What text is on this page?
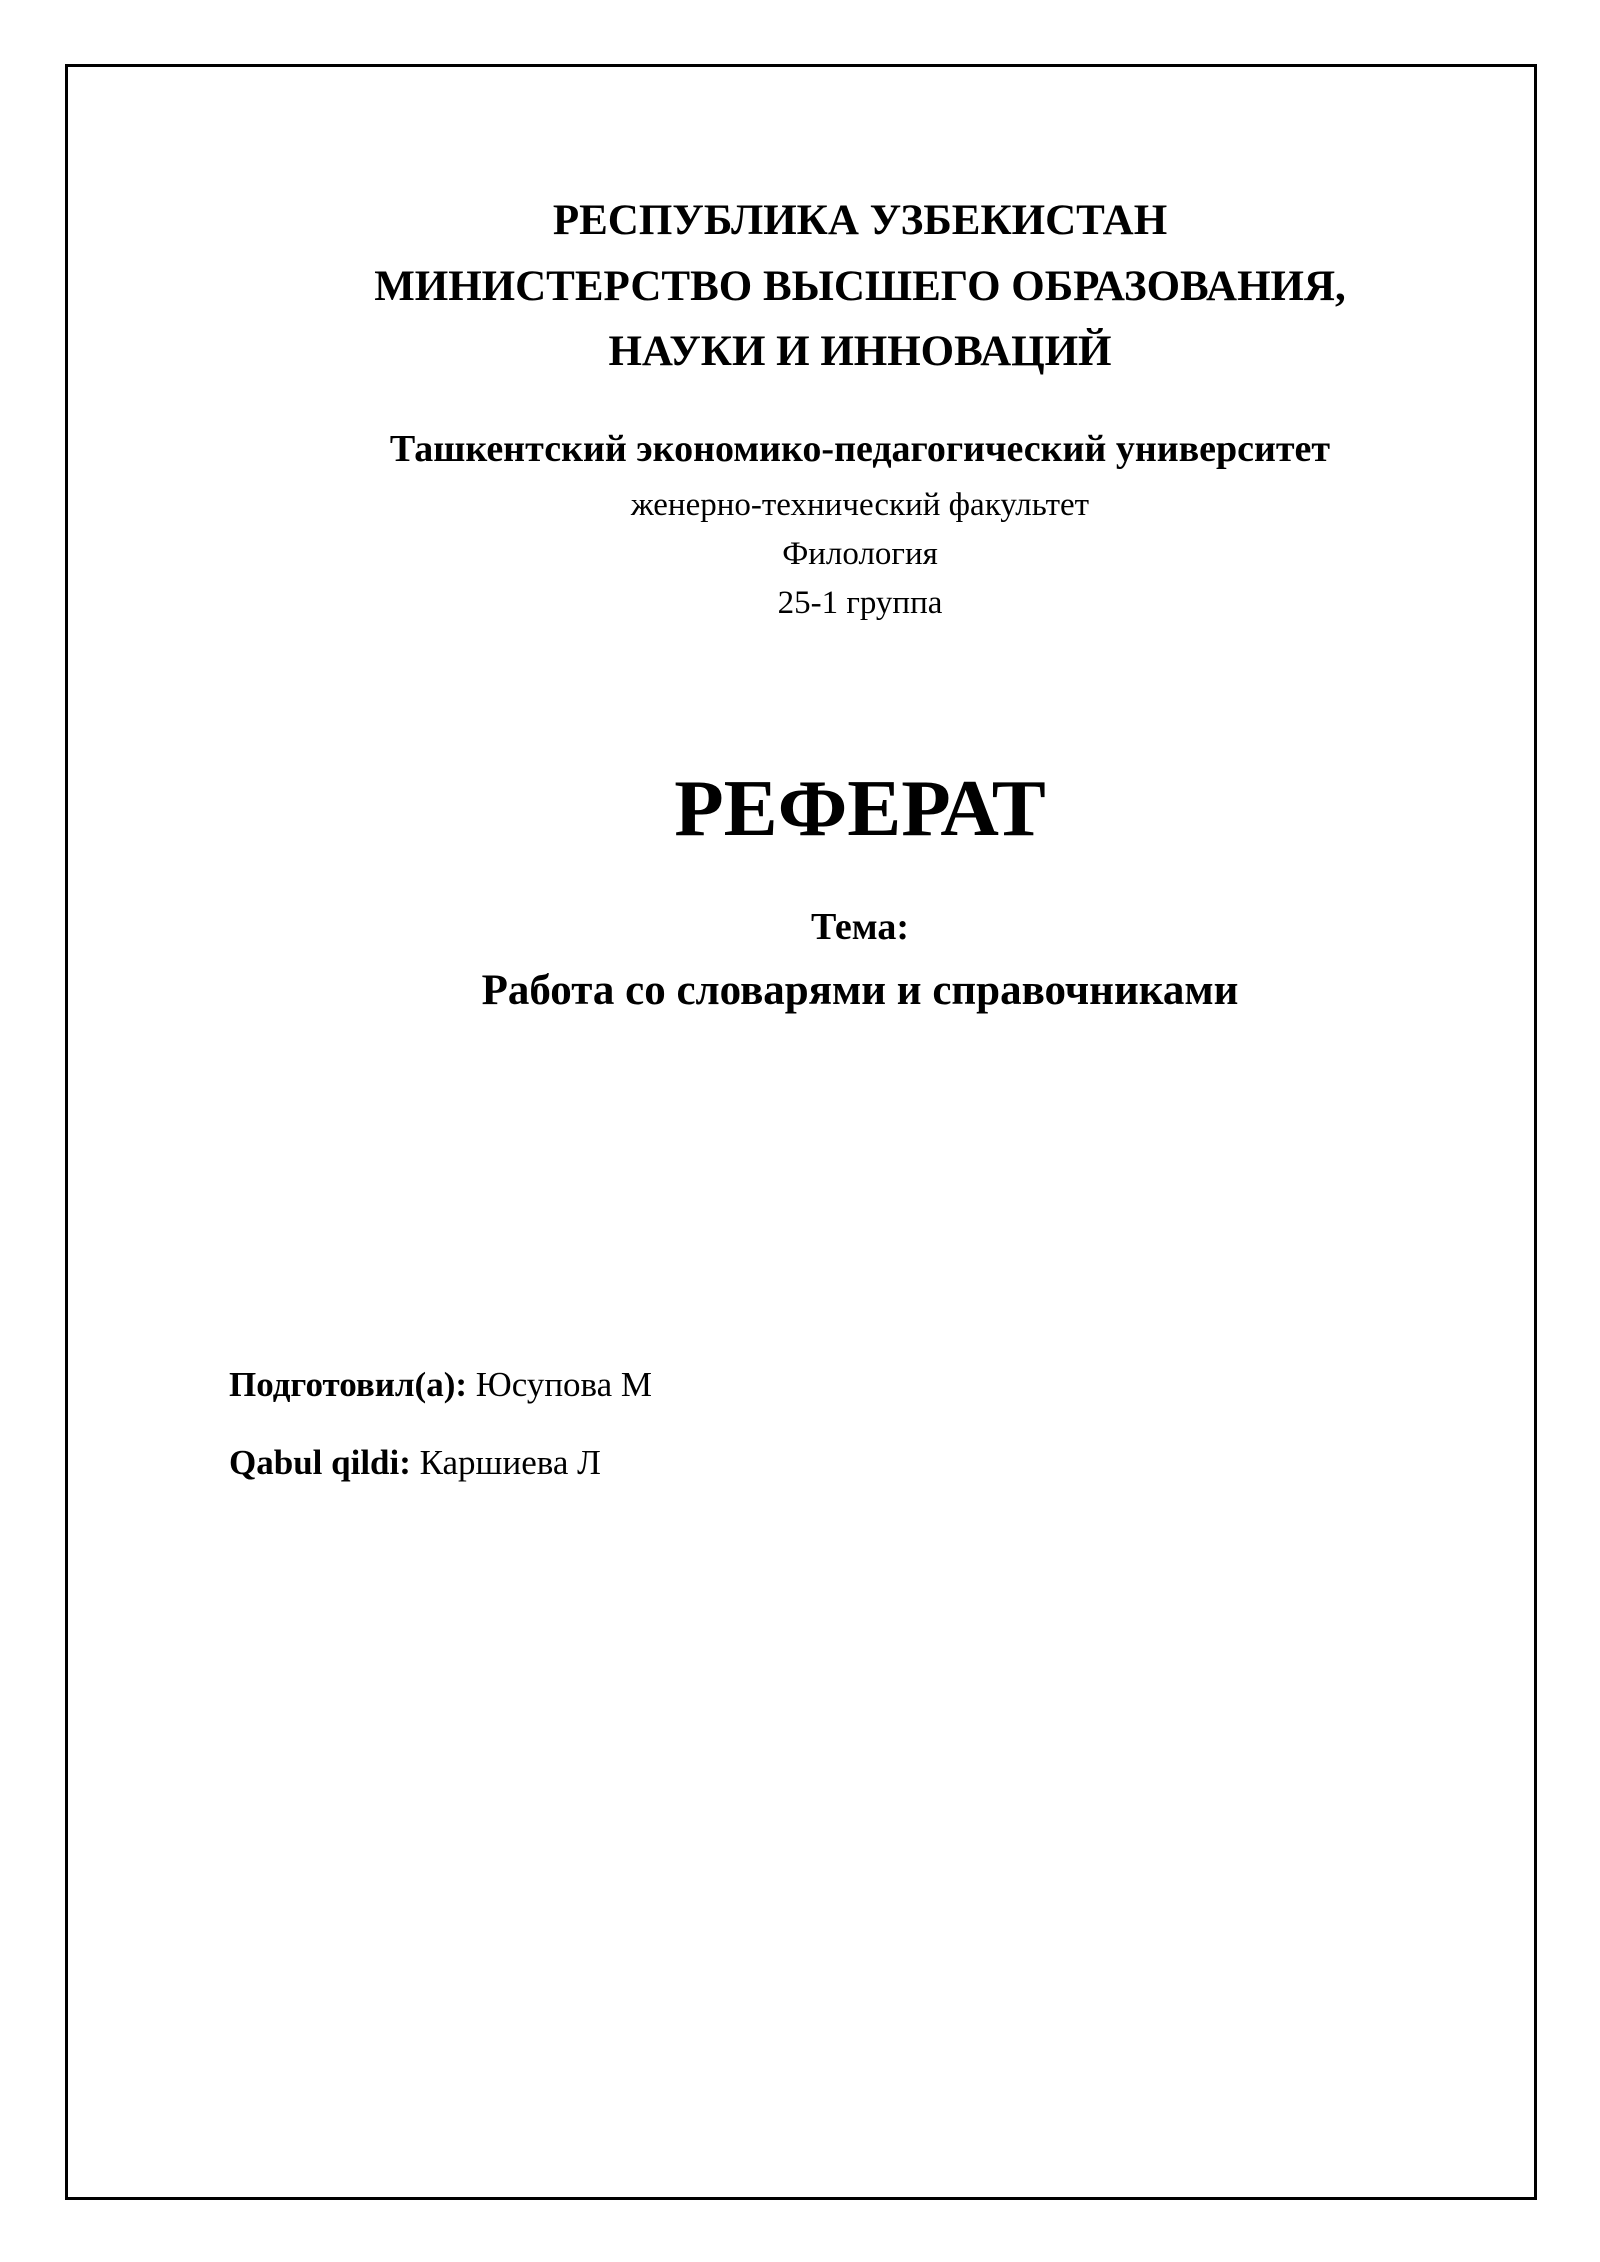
РЕСПУБЛИКА УЗБЕКИСТАН
МИНИСТЕРСТВО ВЫСШЕГО ОБРАЗОВАНИЯ,
НАУКИ И ИННОВАЦИЙ
Ташкентский экономико-педагогический университет
женерно-технический факультет
Филология
25-1 группа
РЕФЕРАТ
Тема:
Работа со словарями и справочниками
Подготовил(а): Юсупова М
Qabul qildi: Каршиева Л
